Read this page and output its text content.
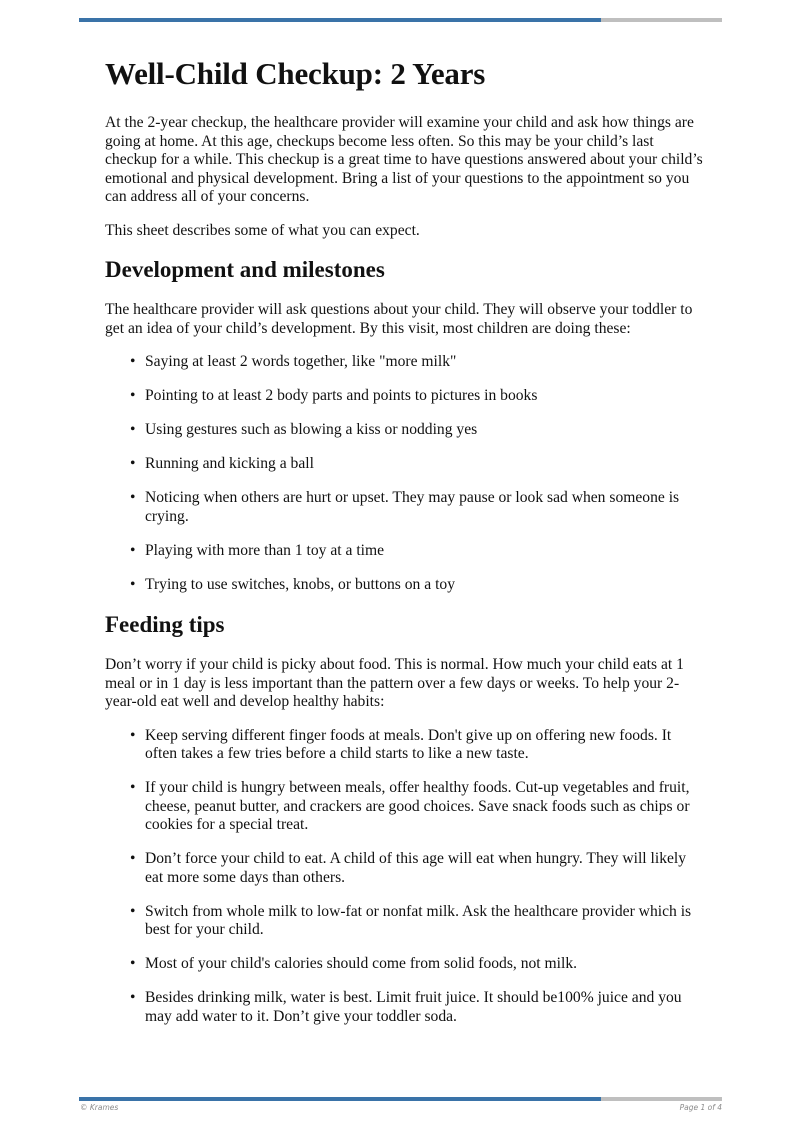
Well-Child Checkup: 2 Years

At the 2-year checkup, the healthcare provider will examine your child and ask how things are going at home. At this age, checkups become less often. So this may be your child’s last checkup for a while. This checkup is a great time to have questions answered about your child’s emotional and physical development. Bring a list of your questions to the appointment so you can address all of your concerns.

This sheet describes some of what you can expect.

Development and milestones

The healthcare provider will ask questions about your child. They will observe your toddler to get an idea of your child’s development. By this visit, most children are doing these:

• Saying at least 2 words together, like "more milk"
• Pointing to at least 2 body parts and points to pictures in books
• Using gestures such as blowing a kiss or nodding yes
• Running and kicking a ball
• Noticing when others are hurt or upset. They may pause or look sad when someone is crying.
• Playing with more than 1 toy at a time
• Trying to use switches, knobs, or buttons on a toy
Feeding tips

Don’t worry if your child is picky about food. This is normal. How much your child eats at 1 meal or in 1 day is less important than the pattern over a few days or weeks. To help your 2-year-old eat well and develop healthy habits:

• Keep serving different finger foods at meals. Don't give up on offering new foods. It often takes a few tries before a child starts to like a new taste.
• If your child is hungry between meals, offer healthy foods. Cut-up vegetables and fruit, cheese, peanut butter, and crackers are good choices. Save snack foods such as chips or cookies for a special treat.
• Don’t force your child to eat. A child of this age will eat when hungry. They will likely eat more some days than others.
• Switch from whole milk to low-fat or nonfat milk. Ask the healthcare provider which is best for your child.
• Most of your child's calories should come from solid foods, not milk.
• Besides drinking milk, water is best. Limit fruit juice. It should be100% juice and you may add water to it. Don’t give your toddler soda.
© Krames	Page 1 of 4
